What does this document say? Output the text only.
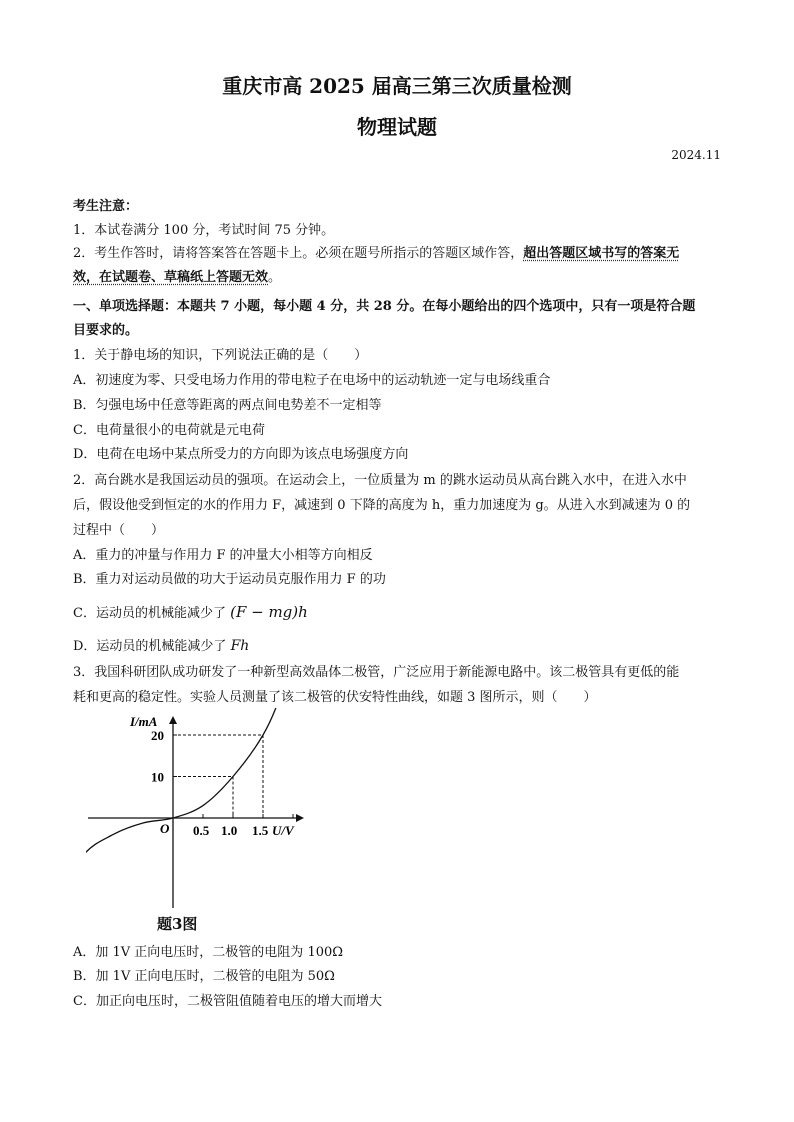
重庆市高 2025 届高三第三次质量检测
物理试题
2024.11
考生注意：
1．本试卷满分 100 分，考试时间 75 分钟。
2．考生作答时，请将答案答在答题卡上。必须在题号所指示的答题区域作答，超出答题区域书写的答案无
效，在试题卷、草稿纸上答题无效。
一、单项选择题：本题共 7 小题，每小题 4 分，共 28 分。在每小题给出的四个选项中，只有一项是符合题
目要求的。
1．关于静电场的知识，下列说法正确的是（　　）
A．初速度为零、只受电场力作用的带电粒子在电场中的运动轨迹一定与电场线重合
B．匀强电场中任意等距离的两点间电势差不一定相等
C．电荷量很小的电荷就是元电荷
D．电荷在电场中某点所受力的方向即为该点电场强度方向
2．高台跳水是我国运动员的强项。在运动会上，一位质量为 m 的跳水运动员从高台跳入水中，在进入水中
后，假设他受到恒定的水的作用力 F，减速到 0 下降的高度为 h，重力加速度为 g。从进入水到减速为 0 的
过程中（　　）
A．重力的冲量与作用力 F 的冲量大小相等方向相反
B．重力对运动员做的功大于运动员克服作用力 F 的功
C．运动员的机械能减少了 (F − mg)h
D．运动员的机械能减少了 Fh
3．我国科研团队成功研发了一种新型高效晶体二极管，广泛应用于新能源电路中。该二极管具有更低的能
耗和更高的稳定性。实验人员测量了该二极管的伏安特性曲线，如题 3 图所示，则（　　）
I/mA
U/V
O 0.5 1.0 1.5
10
20
题3图
A．加 1V 正向电压时，二极管的电阻为 100Ω
B．加 1V 正向电压时，二极管的电阻为 50Ω
C．加正向电压时，二极管阻值随着电压的增大而增大
